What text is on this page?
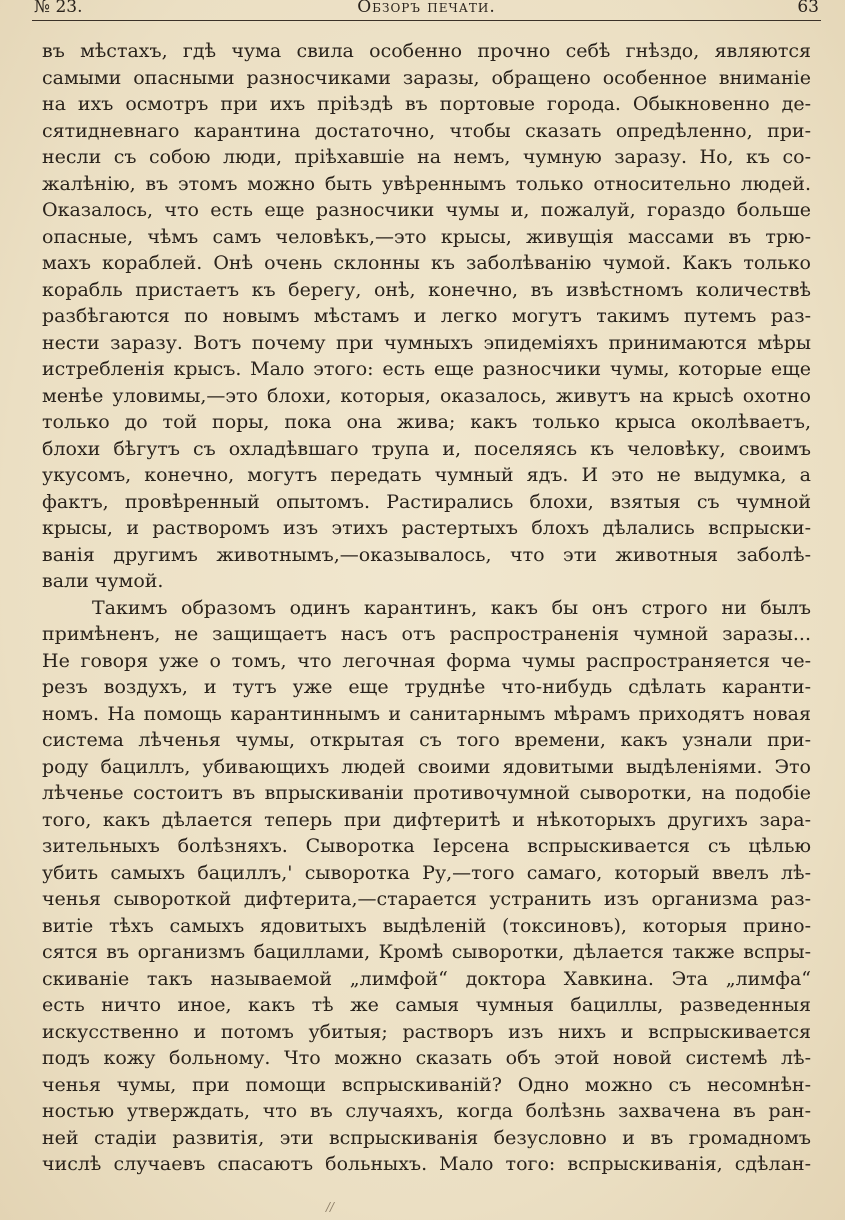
№ 23.	Обзоръ печати.	63
въ мѣстахъ, гдѣ чума свила особенно прочно себѣ гнѣздо, являются
самыми опасными разносчиками заразы, обращено особенное вниманіе
на ихъ осмотръ при ихъ пріѣздѣ въ портовые города. Обыкновенно де-
сятидневнаго карантина достаточно, чтобы сказать опредѣленно, при-
несли съ собою люди, пріѣхавшіе на немъ, чумную заразу. Но, къ со-
жалѣнію, въ этомъ можно быть увѣреннымъ только относительно людей.
Оказалось, что есть еще разносчики чумы и, пожалуй, гораздо больше
опасные, чѣмъ самъ человѣкъ,—это крысы, живущія массами въ трю-
махъ кораблей. Онѣ очень склонны къ заболѣванію чумой. Какъ только
корабль пристаетъ къ берегу, онѣ, конечно, въ извѣстномъ количествѣ
разбѣгаются по новымъ мѣстамъ и легко могутъ такимъ путемъ раз-
нести заразу. Вотъ почему при чумныхъ эпидеміяхъ принимаются мѣры
истребленія крысъ. Мало этого: есть еще разносчики чумы, которые еще
менѣе уловимы,—это блохи, которыя, оказалось, живутъ на крысѣ охотно
только до той поры, пока она жива; какъ только крыса околѣваетъ,
блохи бѣгутъ съ охладѣвшаго трупа и, поселяясь къ человѣку, своимъ
укусомъ, конечно, могутъ передать чумный ядъ. И это не выдумка, а
фактъ, провѣренный опытомъ. Растирались блохи, взятыя съ чумной
крысы, и растворомъ изъ этихъ растертыхъ блохъ дѣлались вспрыски-
ванія другимъ животнымъ,—оказывалось, что эти животныя заболѣ-
вали чумой.
Такимъ образомъ одинъ карантинъ, какъ бы онъ строго ни былъ
примѣненъ, не защищаетъ насъ отъ распространенія чумной заразы...
Не говоря уже о томъ, что легочная форма чумы распространяется че-
резъ воздухъ, и тутъ уже еще труднѣе что-нибудь сдѣлать каранти-
номъ. На помощь карантиннымъ и санитарнымъ мѣрамъ приходятъ новая
система лѣченья чумы, открытая съ того времени, какъ узнали при-
роду бациллъ, убивающихъ людей своими ядовитыми выдѣленіями. Это
лѣченье состоитъ въ впрыскиваніи противочумной сыворотки, на подобіе
того, какъ дѣлается теперь при дифтеритѣ и нѣкоторыхъ другихъ зара-
зительныхъ болѣзняхъ. Сыворотка Іерсена вспрыскивается съ цѣлью
убить самыхъ бациллъ,' сыворотка Ру,—того самаго, который ввелъ лѣ-
ченья сывороткой дифтерита,—старается устранить изъ организма раз-
витіе тѣхъ самыхъ ядовитыхъ выдѣленій (токсиновъ), которыя прино-
сятся въ организмъ бациллами, Кромѣ сыворотки, дѣлается также вспры-
скиваніе такъ называемой „лимфой“ доктора Хавкина. Эта „лимфа“
есть ничто иное, какъ тѣ же самыя чумныя бациллы, разведенныя
искусственно и потомъ убитыя; растворъ изъ нихъ и вспрыскивается
подъ кожу больному. Что можно сказать объ этой новой системѣ лѣ-
ченья чумы, при помощи вспрыскиваній? Одно можно съ несомнѣн-
ностью утверждать, что въ случаяхъ, когда болѣзнь захвачена въ ран-
ней стадіи развитія, эти вспрыскиванія безусловно и въ громадномъ
числѣ случаевъ спасаютъ больныхъ. Мало того: вспрыскиванія, сдѣлан-
//
